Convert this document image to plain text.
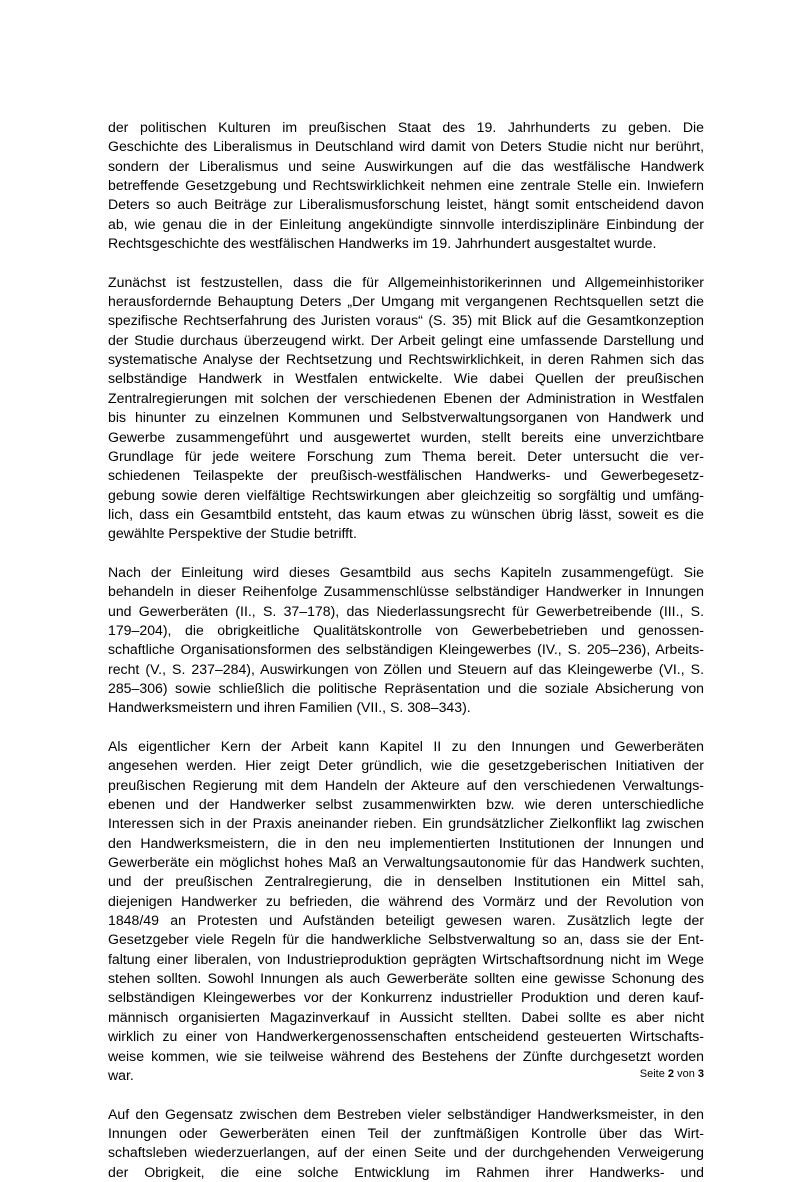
der politischen Kulturen im preußischen Staat des 19. Jahrhunderts zu geben. Die
Geschichte des Liberalismus in Deutschland wird damit von Deters Studie nicht nur berührt,
sondern der Liberalismus und seine Auswirkungen auf die das westfälische Handwerk
betreffende Gesetzgebung und Rechtswirklichkeit nehmen eine zentrale Stelle ein. Inwiefern
Deters so auch Beiträge zur Liberalismusforschung leistet, hängt somit entscheidend davon
ab, wie genau die in der Einleitung angekündigte sinnvolle interdisziplinäre Einbindung der
Rechtsgeschichte des westfälischen Handwerks im 19. Jahrhundert ausgestaltet wurde.
Zunächst ist festzustellen, dass die für Allgemeinhistorikerinnen und Allgemeinhistoriker
herausfordernde Behauptung Deters „Der Umgang mit vergangenen Rechtsquellen setzt die
spezifische Rechtserfahrung des Juristen voraus“ (S. 35) mit Blick auf die Gesamtkonzeption
der Studie durchaus überzeugend wirkt. Der Arbeit gelingt eine umfassende Darstellung und
systematische Analyse der Rechtsetzung und Rechtswirklichkeit, in deren Rahmen sich das
selbständige Handwerk in Westfalen entwickelte. Wie dabei Quellen der preußischen
Zentralregierungen mit solchen der verschiedenen Ebenen der Administration in Westfalen
bis hinunter zu einzelnen Kommunen und Selbstverwaltungsorganen von Handwerk und
Gewerbe zusammengeführt und ausgewertet wurden, stellt bereits eine unverzichtbare
Grundlage für jede weitere Forschung zum Thema bereit. Deter untersucht die ver-
schiedenen Teilaspekte der preußisch-westfälischen Handwerks- und Gewerbegesetz-
gebung sowie deren vielfältige Rechtswirkungen aber gleichzeitig so sorgfältig und umfäng-
lich, dass ein Gesamtbild entsteht, das kaum etwas zu wünschen übrig lässt, soweit es die
gewählte Perspektive der Studie betrifft.
Nach der Einleitung wird dieses Gesamtbild aus sechs Kapiteln zusammengefügt. Sie
behandeln in dieser Reihenfolge Zusammenschlüsse selbständiger Handwerker in Innungen
und Gewerberäten (II., S. 37–178), das Niederlassungsrecht für Gewerbetreibende (III., S.
179–204), die obrigkeitliche Qualitätskontrolle von Gewerbebetrieben und genossen-
schaftliche Organisationsformen des selbständigen Kleingewerbes (IV., S. 205–236), Arbeits-
recht (V., S. 237–284), Auswirkungen von Zöllen und Steuern auf das Kleingewerbe (VI., S.
285–306) sowie schließlich die politische Repräsentation und die soziale Absicherung von
Handwerksmeistern und ihren Familien (VII., S. 308–343).
Als eigentlicher Kern der Arbeit kann Kapitel II zu den Innungen und Gewerberäten
angesehen werden. Hier zeigt Deter gründlich, wie die gesetzgeberischen Initiativen der
preußischen Regierung mit dem Handeln der Akteure auf den verschiedenen Verwaltungs-
ebenen und der Handwerker selbst zusammenwirkten bzw. wie deren unterschiedliche
Interessen sich in der Praxis aneinander rieben. Ein grundsätzlicher Zielkonflikt lag zwischen
den Handwerksmeistern, die in den neu implementierten Institutionen der Innungen und
Gewerberäte ein möglichst hohes Maß an Verwaltungsautonomie für das Handwerk suchten,
und der preußischen Zentralregierung, die in denselben Institutionen ein Mittel sah,
diejenigen Handwerker zu befrieden, die während des Vormärz und der Revolution von
1848/49 an Protesten und Aufständen beteiligt gewesen waren. Zusätzlich legte der
Gesetzgeber viele Regeln für die handwerkliche Selbstverwaltung so an, dass sie der Ent-
faltung einer liberalen, von Industrieproduktion geprägten Wirtschaftsordnung nicht im Wege
stehen sollten. Sowohl Innungen als auch Gewerberäte sollten eine gewisse Schonung des
selbständigen Kleingewerbes vor der Konkurrenz industrieller Produktion und deren kauf-
männisch organisierten Magazinverkauf in Aussicht stellten. Dabei sollte es aber nicht
wirklich zu einer von Handwerkergenossenschaften entscheidend gesteuerten Wirtschafts-
weise kommen, wie sie teilweise während des Bestehens der Zünfte durchgesetzt worden
war.
Auf den Gegensatz zwischen dem Bestreben vieler selbständiger Handwerksmeister, in den
Innungen oder Gewerberäten einen Teil der zunftmäßigen Kontrolle über das Wirt-
schaftsleben wiederzuerlangen, auf der einen Seite und der durchgehenden Verweigerung
der Obrigkeit, die eine solche Entwicklung im Rahmen ihrer Handwerks- und
Seite 2 von 3
